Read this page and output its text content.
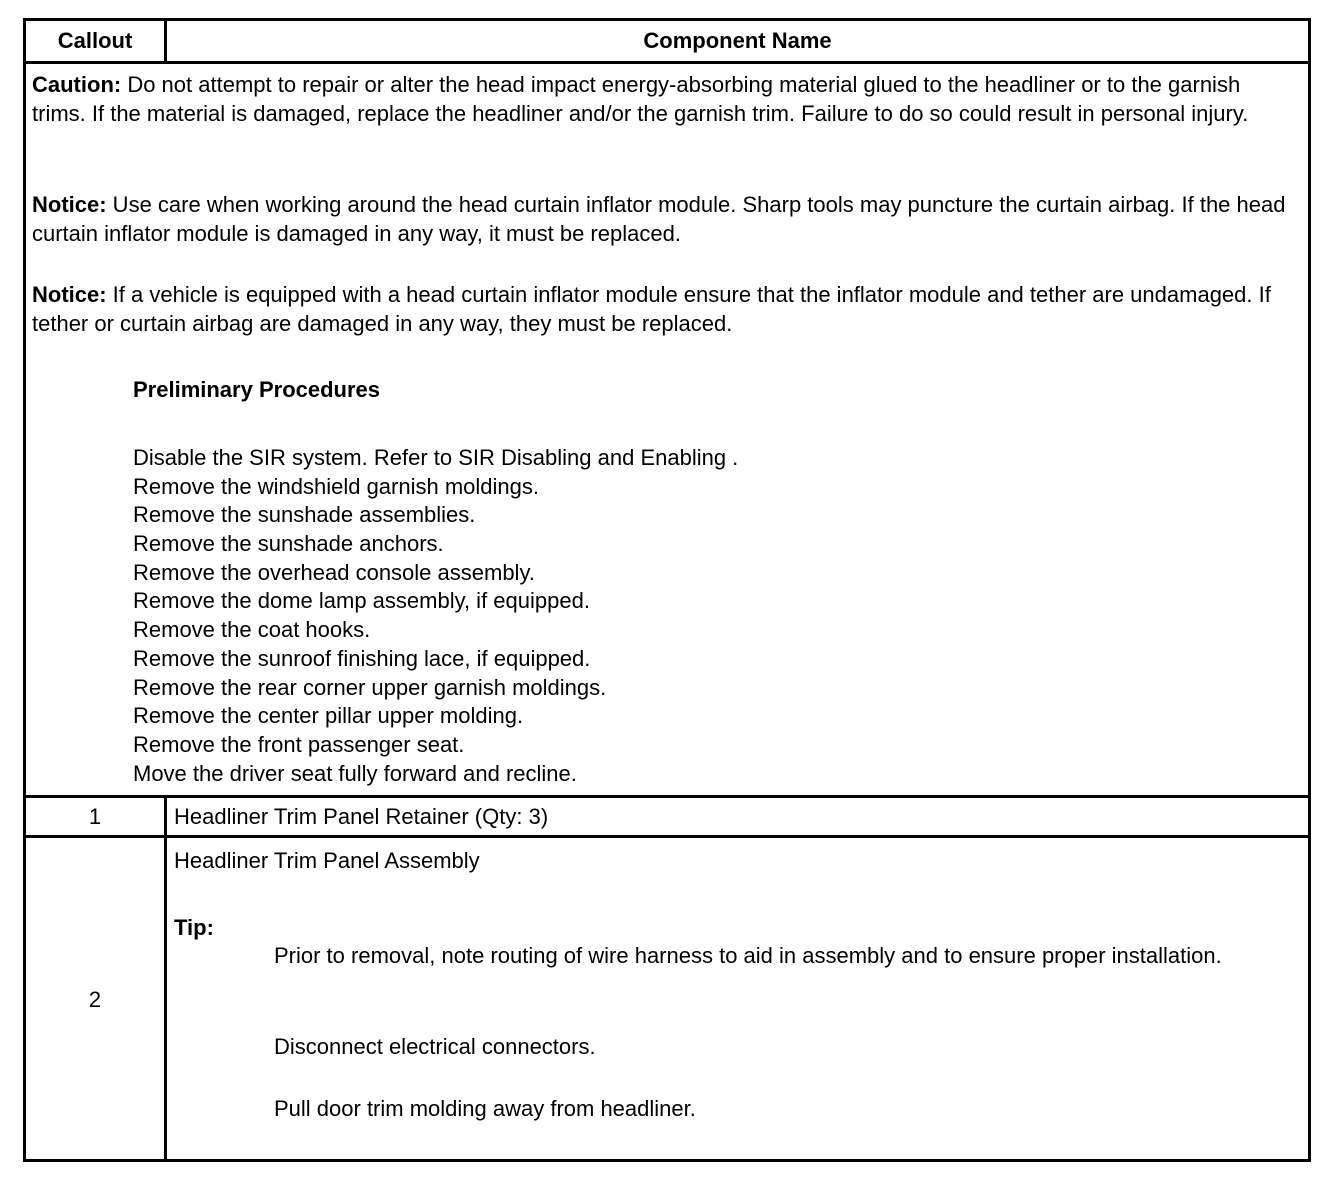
Callout	Component Name

Caution: Do not attempt to repair or alter the head impact energy-absorbing material glued to the headliner or to the garnish trims. If the material is damaged, replace the headliner and/or the garnish trim. Failure to do so could result in personal injury.

Notice: Use care when working around the head curtain inflator module. Sharp tools may puncture the curtain airbag. If the head curtain inflator module is damaged in any way, it must be replaced.

Notice: If a vehicle is equipped with a head curtain inflator module ensure that the inflator module and tether are undamaged. If tether or curtain airbag are damaged in any way, they must be replaced.

Preliminary Procedures
Disable the SIR system. Refer to SIR Disabling and Enabling .
Remove the windshield garnish moldings.
Remove the sunshade assemblies.
Remove the sunshade anchors.
Remove the overhead console assembly.
Remove the dome lamp assembly, if equipped.
Remove the coat hooks.
Remove the sunroof finishing lace, if equipped.
Remove the rear corner upper garnish moldings.
Remove the center pillar upper molding.
Remove the front passenger seat.
Move the driver seat fully forward and recline.
1	Headliner Trim Panel Retainer (Qty: 3)
2
Headliner Trim Panel Assembly
Tip:

Prior to removal, note routing of wire harness to aid in assembly and to ensure proper installation.

Disconnect electrical connectors.

Pull door trim molding away from headliner.
